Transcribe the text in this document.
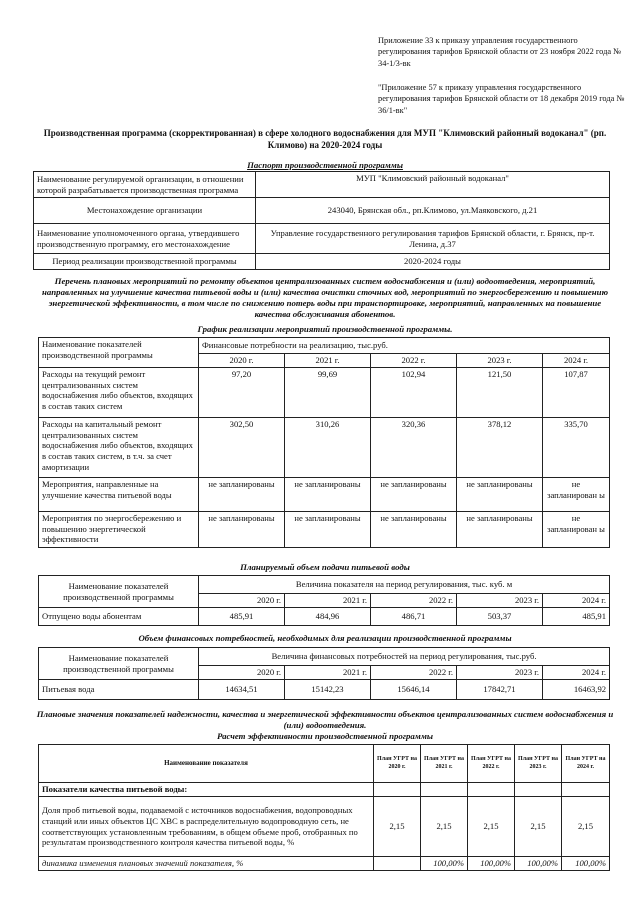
Приложение 33 к приказу управления государственного регулирования тарифов Брянской области от 23 ноября 2022 года № 34-1/3-вк
"Приложение 57 к приказу управления государственного регулирования тарифов Брянской области от 18 декабря 2019 года № 36/1-вк"
Производственная программа (скорректированная) в сфере холодного водоснабжения для МУП "Климовский районный водоканал" (рп. Климово) на 2020-2024 годы
Паспорт производственной программы
Наименование регулируемой организации, в отношении которой разрабатывается производственная программа	МУП "Климовский районный водоканал"
Местонахождение организации	243040, Брянская обл., рп.Климово, ул.Маяковского, д.21
Наименование уполномоченного органа, утвердившего производственную программу, его местонахождение	Управление государственного регулирования тарифов Брянской области, г. Брянск, пр-т. Ленина, д.37
Период реализации производственной программы	2020-2024 годы
Перечень плановых мероприятий по ремонту объектов централизованных систем водоснабжения и (или) водоотведения, мероприятий, направленных на улучшение качества питьевой воды и (или) качества очистки сточных вод, мероприятий по энергосбережению и повышению энергетической эффективности, в том числе по снижению потерь воды при транспортировке, мероприятий, направленных на повышение качества обслуживания абонентов.
График реализации мероприятий производственной программы.
Наименование показателей производственной программы	Финансовые потребности на реализацию, тыс.руб.				
	2020 г.	2021 г.	2022 г.	2023 г.	2024 г.
Расходы на текущий ремонт централизованных систем водоснабжения либо объектов, входящих в состав таких систем	97,20	99,69	102,94	121,50	107,87
Расходы на капитальный ремонт централизованных систем водоснабжения либо объектов, входящих в состав таких систем, в т.ч. за счет амортизации	302,50	310,26	320,36	378,12	335,70
Мероприятия, направленные на улучшение качества питьевой воды	не запланированы	не запланированы	не запланированы	не запланированы	не запланирован ы
Мероприятия по энергосбережению и повышению энергетической эффективности	не запланированы	не запланированы	не запланированы	не запланированы	не запланирован ы
Планируемый объем подачи питьевой воды
Наименование показателей производственной программы	Величина показателя на период регулирования, тыс. куб. м				
	2020 г.	2021 г.	2022 г.	2023 г.	2024 г.
Отпущено воды абонентам	485,91	484,96	486,71	503,37	485,91
Объем финансовых потребностей, необходимых для реализации производственной программы
Наименование показателей производственной программы	Величина финансовых потребностей на период регулирования, тыс.руб.				
	2020 г.	2021 г.	2022 г.	2023 г.	2024 г.
Питьевая вода	14634,51	15142,23	15646,14	17842,71	16463,92
Плановые значения показателей надежности, качества и энергетической эффективности объектов централизованных систем водоснабжения и (или) водоотведения.
Расчет эффективности производственной программы
Наименование показателя	План УГРТ на 2020 г.	План УГРТ на 2021 г.	План УГРТ на 2022 г.	План УГРТ на 2023 г.	План УГРТ на 2024 г.
Показатели качества питьевой воды:					
Доля проб питьевой воды, подаваемой с источников водоснабжения, водопроводных станций или иных объектов ЦС ХВС в распределительную водопроводную сеть, не соответствующих установленным требованиям, в общем объеме проб, отобранных по результатам производственного контроля качества питьевой воды, %	2,15	2,15	2,15	2,15	2,15
динамика изменения плановых значений показателя, %		100,00%	100,00%	100,00%	100,00%
